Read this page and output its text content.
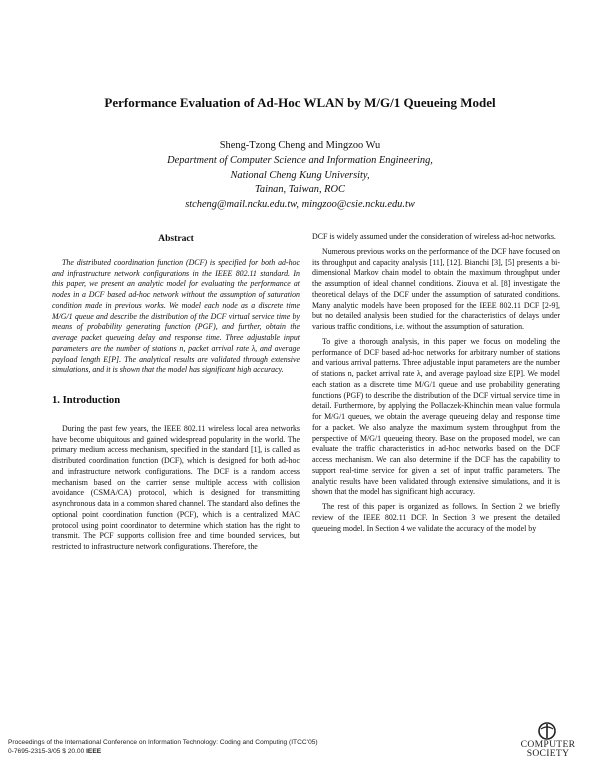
Performance Evaluation of Ad-Hoc WLAN by M/G/1 Queueing Model
Sheng-Tzong Cheng and Mingzoo Wu
Department of Computer Science and Information Engineering,
National Cheng Kung University,
Tainan, Taiwan, ROC
stcheng@mail.ncku.edu.tw, mingzoo@csie.ncku.edu.tw
Abstract

The distributed coordination function (DCF) is specified for both ad-hoc and infrastructure network configurations in the IEEE 802.11 standard. In this paper, we present an analytic model for evaluating the performance at nodes in a DCF based ad-hoc network without the assumption of saturation condition made in previous works. We model each node as a discrete time M/G/1 queue and describe the distribution of the DCF virtual service time by means of probability generating function (PGF), and further, obtain the average packet queueing delay and response time. Three adjustable input parameters are the number of stations n, packet arrival rate λ, and average payload length E[P]. The analytical results are validated through extensive simulations, and it is shown that the model has significant high accuracy.

1. Introduction

During the past few years, the IEEE 802.11 wireless local area networks have become ubiquitous and gained widespread popularity in the world. The primary medium access mechanism, specified in the standard [1], is called as distributed coordination function (DCF), which is designed for both ad-hoc and infrastructure network configurations. The DCF is a random access mechanism based on the carrier sense multiple access with collision avoidance (CSMA/CA) protocol, which is designed for transmitting asynchronous data in a common shared channel. The standard also defines the optional point coordination function (PCF), which is a centralized MAC protocol using point coordinator to determine which station has the right to transmit. The PCF supports collision free and time bounded services, but restricted to infrastructure network configurations. Therefore, the

DCF is widely assumed under the consideration of wireless ad-hoc networks.

Numerous previous works on the performance of the DCF have focused on its throughput and capacity analysis [11], [12]. Bianchi [3], [5] presents a bi-dimensional Markov chain model to obtain the maximum throughput under the assumption of ideal channel conditions. Ziouva et al. [8] investigate the theoretical delays of the DCF under the assumption of saturated conditions. Many analytic models have been proposed for the IEEE 802.11 DCF [2-9], but no detailed analysis been studied for the characteristics of delays under various traffic conditions, i.e. without the assumption of saturation.

To give a thorough analysis, in this paper we focus on modeling the performance of DCF based ad-hoc networks for arbitrary number of stations and various arrival patterns. Three adjustable input parameters are the number of stations n, packet arrival rate λ, and average payload size E[P]. We model each station as a discrete time M/G/1 queue and use probability generating functions (PGF) to describe the distribution of the DCF virtual service time in detail. Furthermore, by applying the Pollaczek-Khinchin mean value formula for M/G/1 queues, we obtain the average queueing delay and response time for a packet. We also analyze the maximum system throughput from the perspective of M/G/1 queueing theory. Base on the proposed model, we can evaluate the traffic characteristics in ad-hoc networks based on the DCF access mechanism. We can also determine if the DCF has the capability to support real-time service for given a set of input traffic parameters. The analytic results have been validated through extensive simulations, and it is shown that the model has significant high accuracy.

The rest of this paper is organized as follows. In Section 2 we briefly review of the IEEE 802.11 DCF. In Section 3 we present the detailed queueing model. In Section 4 we validate the accuracy of the model by

Proceedings of the International Conference on Information Technology: Coding and Computing (ITCC’05)
0-7695-2315-3/05 $ 20.00 IEEE
COMPUTER
SOCIETY
